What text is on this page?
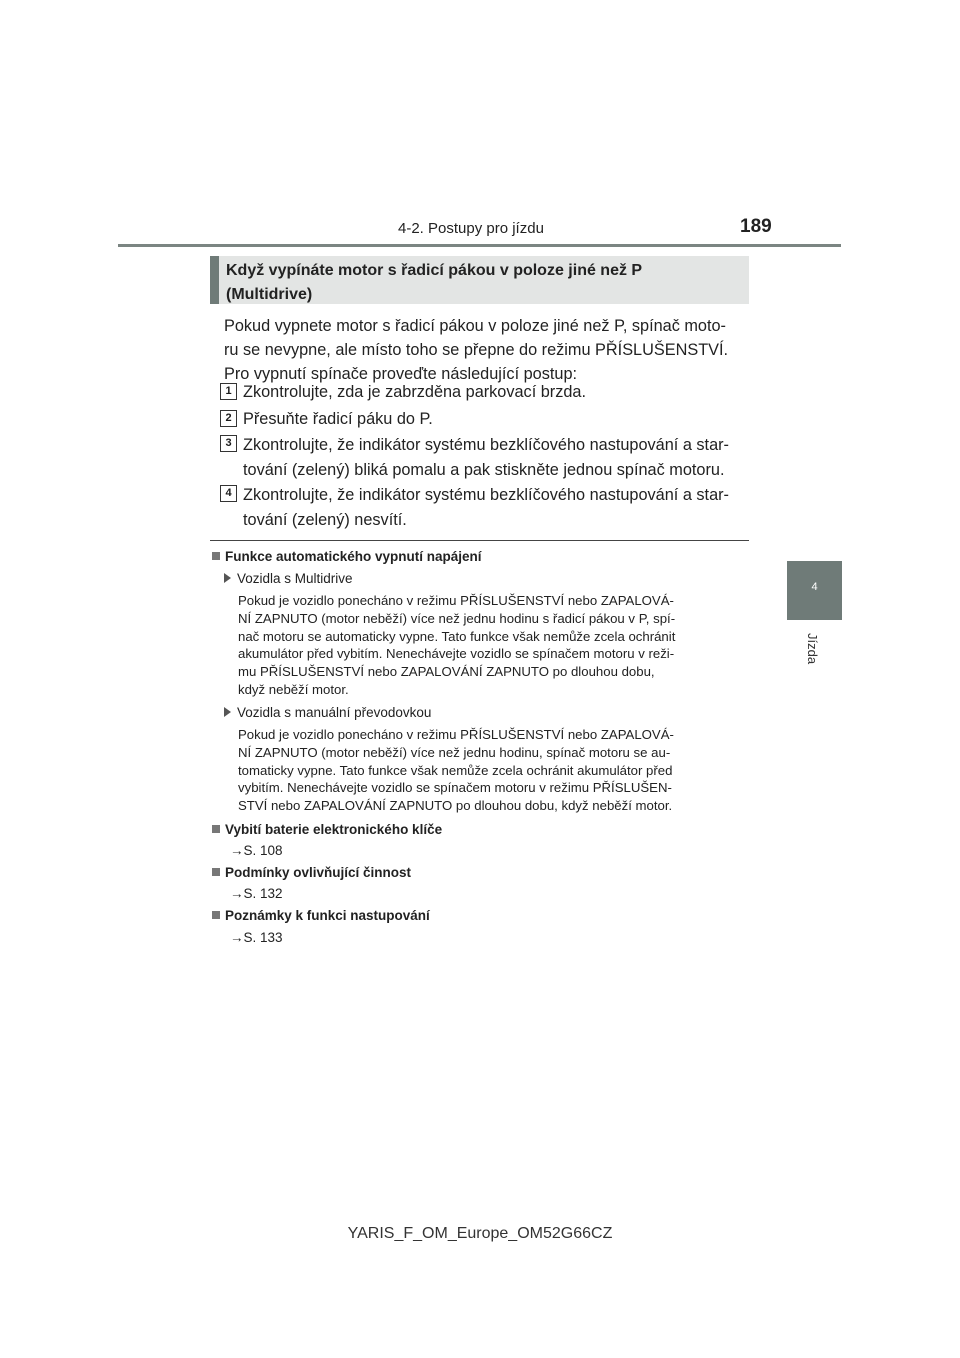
4-2. Postupy pro jízdu	189
4
Jízda
Když vypínáte motor s řadicí pákou v poloze jiné než P
(Multidrive)
Pokud vypnete motor s řadicí pákou v poloze jiné než P, spínač moto-
ru se nevypne, ale místo toho se přepne do režimu PŘÍSLUŠENSTVÍ.
Pro vypnutí spínače proveďte následující postup:
1 Zkontrolujte, zda je zabrzděna parkovací brzda.
2 Přesuňte řadicí páku do P.
3 Zkontrolujte, že indikátor systému bezklíčového nastupování a star-
tování (zelený) bliká pomalu a pak stiskněte jednou spínač motoru.
4 Zkontrolujte, že indikátor systému bezklíčového nastupování a star-
tování (zelený) nesvítí.
Funkce automatického vypnutí napájení
Vozidla s Multidrive
Pokud je vozidlo ponecháno v režimu PŘÍSLUŠENSTVÍ nebo ZAPALOVÁ-
NÍ ZAPNUTO (motor neběží) více než jednu hodinu s řadicí pákou v P, spí-
nač motoru se automaticky vypne. Tato funkce však nemůže zcela ochránit
akumulátor před vybitím. Nenechávejte vozidlo se spínačem motoru v reži-
mu PŘÍSLUŠENSTVÍ nebo ZAPALOVÁNÍ ZAPNUTO po dlouhou dobu,
když neběží motor.
Vozidla s manuální převodovkou
Pokud je vozidlo ponecháno v režimu PŘÍSLUŠENSTVÍ nebo ZAPALOVÁ-
NÍ ZAPNUTO (motor neběží) více než jednu hodinu, spínač motoru se au-
tomaticky vypne. Tato funkce však nemůže zcela ochránit akumulátor před
vybitím. Nenechávejte vozidlo se spínačem motoru v režimu PŘÍSLUŠEN-
STVÍ nebo ZAPALOVÁNÍ ZAPNUTO po dlouhou dobu, když neběží motor.
Vybití baterie elektronického klíče
→S. 108
Podmínky ovlivňující činnost
→S. 132
Poznámky k funkci nastupování
→S. 133
YARIS_F_OM_Europe_OM52G66CZ
